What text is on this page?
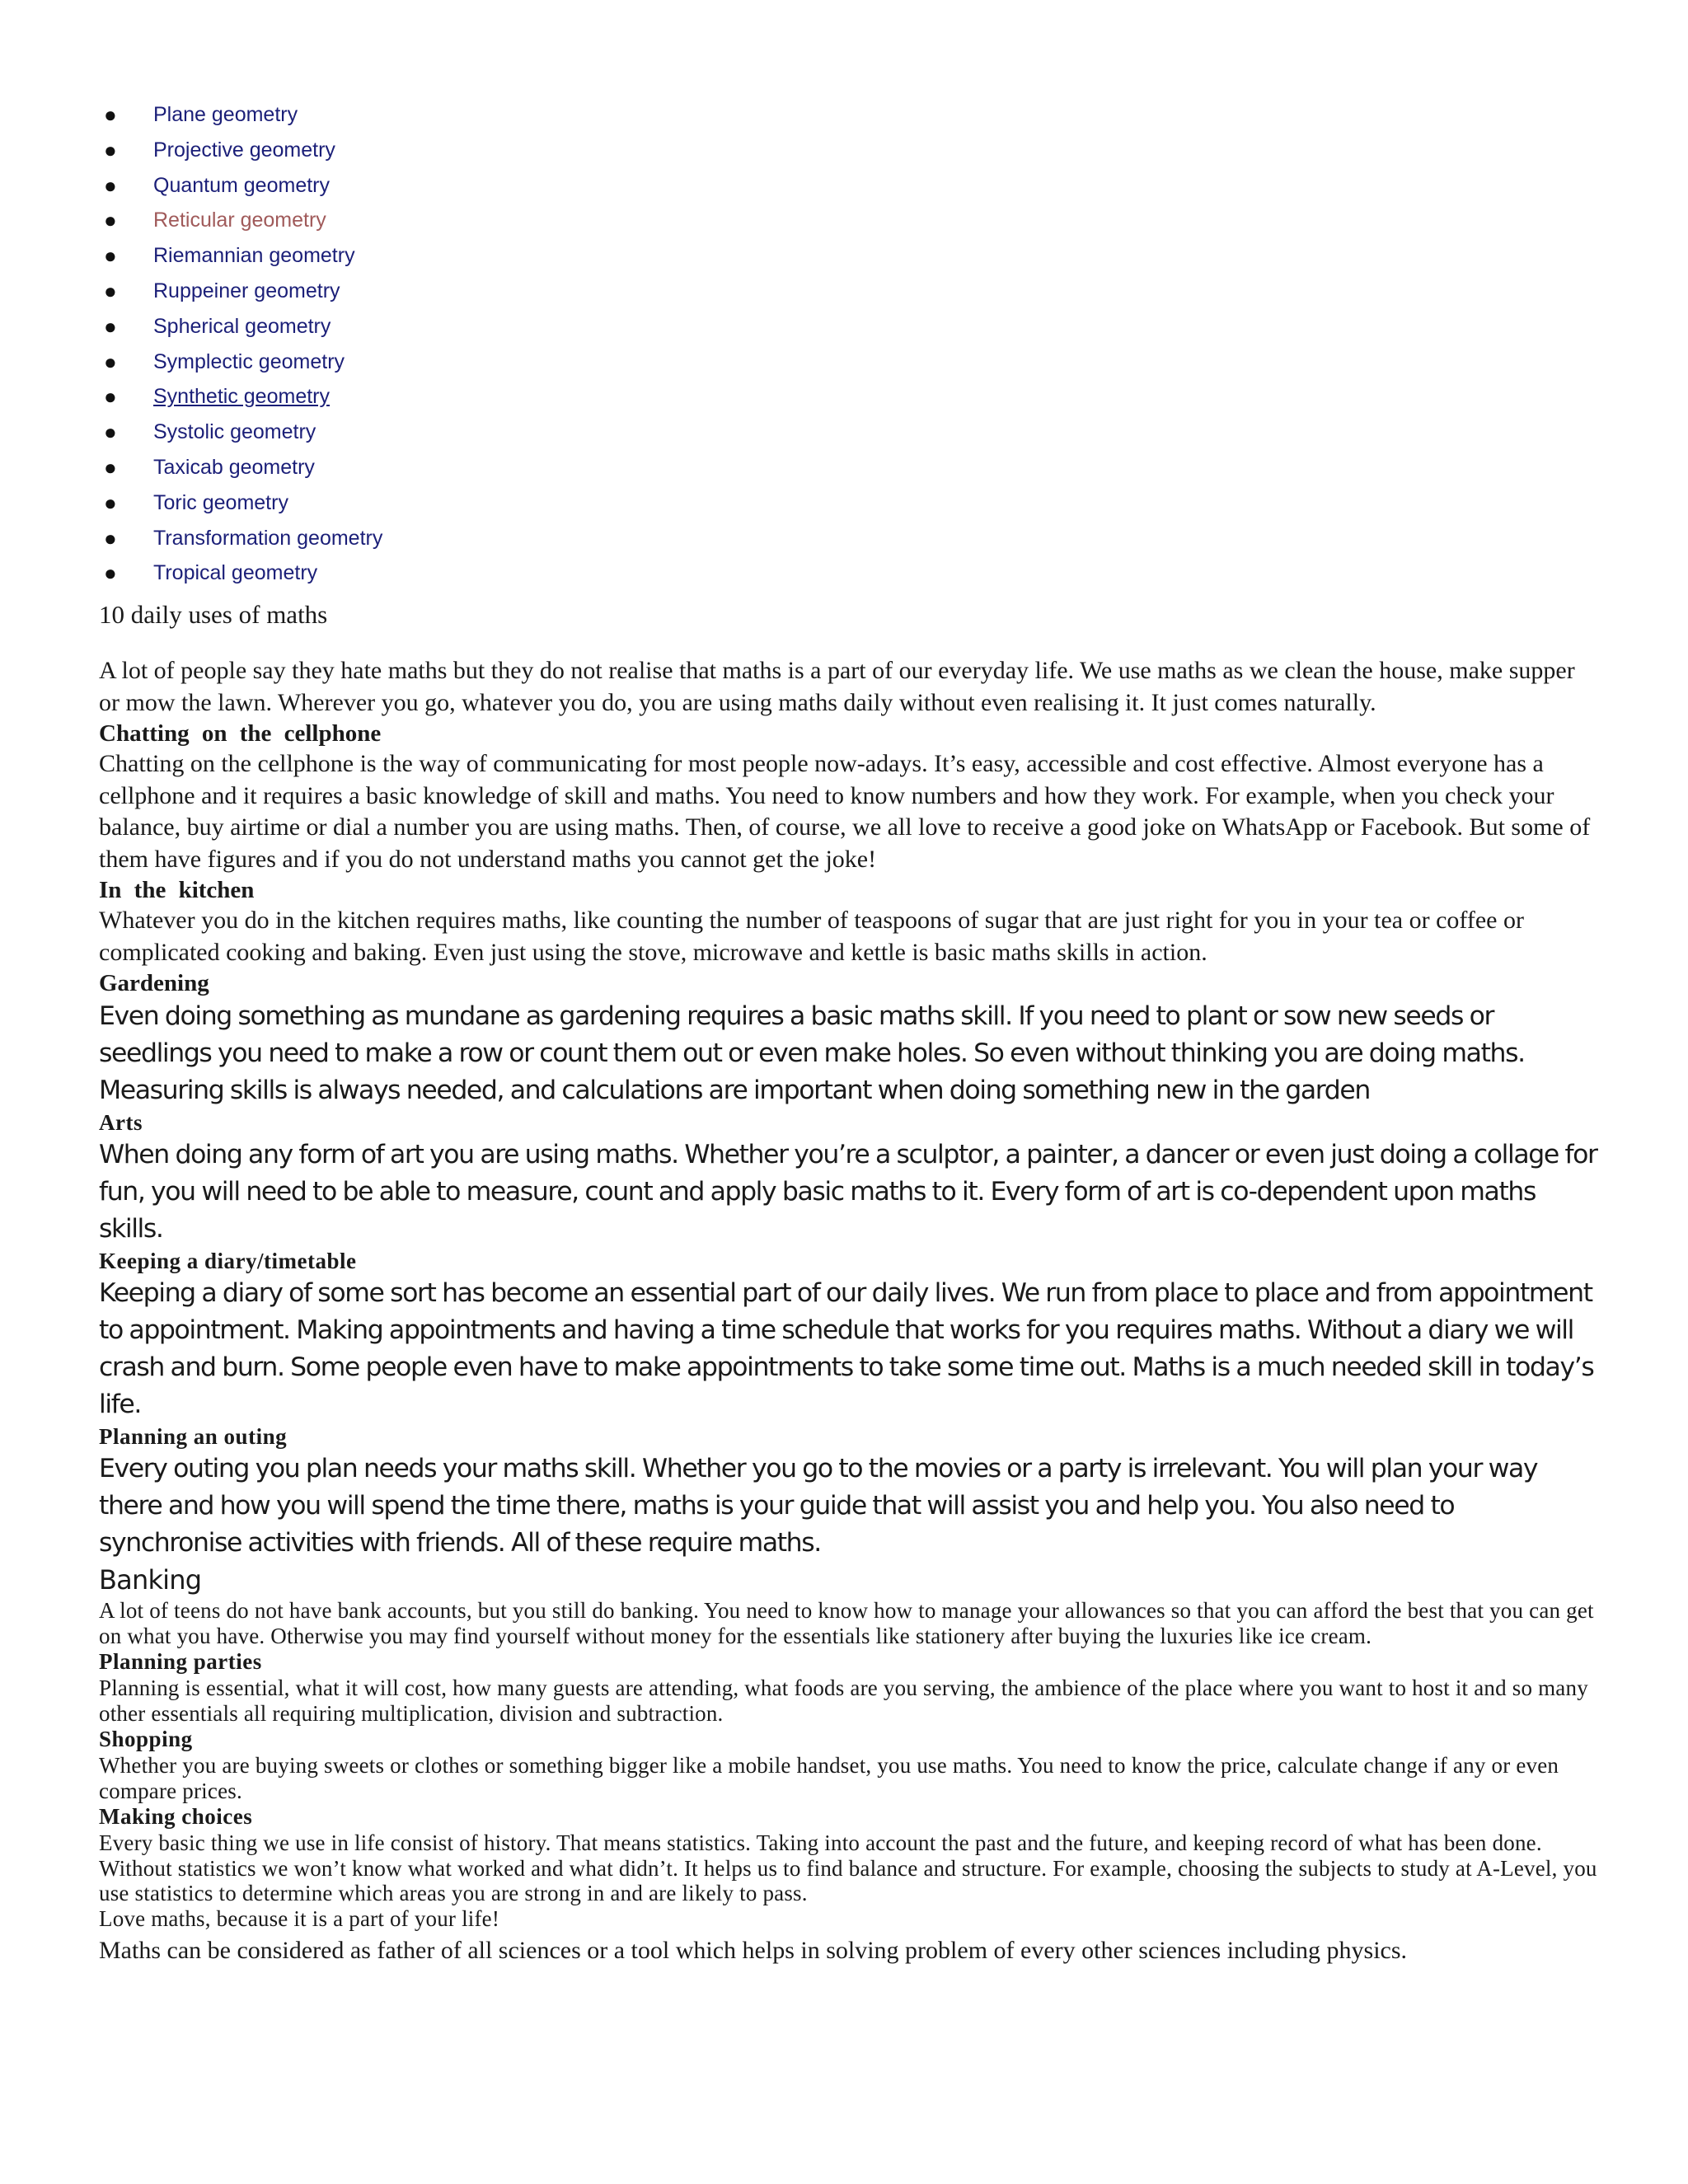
● Plane geometry
● Projective geometry
● Quantum geometry
● Reticular geometry
● Riemannian geometry
● Ruppeiner geometry
● Spherical geometry
● Symplectic geometry
● Synthetic geometry
● Systolic geometry
● Taxicab geometry
● Toric geometry
● Transformation geometry
● Tropical geometry
10 daily uses of maths

A lot of people say they hate maths but they do not realise that maths is a part of our everyday life. We use maths as we clean the house, make supper or mow the lawn. Wherever you go, whatever you do, you are using maths daily without even realising it. It just comes naturally.

Chatting on the cellphone

Chatting on the cellphone is the way of communicating for most people now-adays. It’s easy, accessible and cost effective. Almost everyone has a cellphone and it requires a basic knowledge of skill and maths. You need to know numbers and how they work. For example, when you check your balance, buy airtime or dial a number you are using maths. Then, of course, we all love to receive a good joke on WhatsApp or Facebook. But some of them have figures and if you do not understand maths you cannot get the joke!

In the kitchen

Whatever you do in the kitchen requires maths, like counting the number of teaspoons of sugar that are just right for you in your tea or coffee or complicated cooking and baking. Even just using the stove, microwave and kettle is basic maths skills in action.

Gardening

Even doing something as mundane as gardening requires a basic maths skill. If you need to plant or sow new seeds or seedlings you need to make a row or count them out or even make holes. So even without thinking you are doing maths. Measuring skills is always needed, and calculations are important when doing something new in the garden

Arts

When doing any form of art you are using maths. Whether you’re a sculptor, a painter, a dancer or even just doing a collage for fun, you will need to be able to measure, count and apply basic maths to it. Every form of art is co-dependent upon maths skills.

Keeping a diary/timetable

Keeping a diary of some sort has become an essential part of our daily lives. We run from place to place and from appointment to appointment. Making appointments and having a time schedule that works for you requires maths. Without a diary we will crash and burn. Some people even have to make appointments to take some time out. Maths is a much needed skill in today’s life.

Planning an outing

Every outing you plan needs your maths skill. Whether you go to the movies or a party is irrelevant. You will plan your way there and how you will spend the time there, maths is your guide that will assist you and help you. You also need to synchronise activities with friends. All of these require maths.

Banking

A lot of teens do not have bank accounts, but you still do banking. You need to know how to manage your allowances so that you can afford the best that you can get on what you have. Otherwise you may find yourself without money for the essentials like stationery after buying the luxuries like ice cream.

Planning parties

Planning is essential, what it will cost, how many guests are attending, what foods are you serving, the ambience of the place where you want to host it and so many other essentials all requiring multiplication, division and subtraction.

Shopping

Whether you are buying sweets or clothes or something bigger like a mobile handset, you use maths. You need to know the price, calculate change if any or even compare prices.

Making choices

Every basic thing we use in life consist of history. That means statistics. Taking into account the past and the future, and keeping record of what has been done. Without statistics we won’t know what worked and what didn’t. It helps us to find balance and structure. For example, choosing the subjects to study at A-Level, you use statistics to determine which areas you are strong in and are likely to pass.

Love maths, because it is a part of your life!

Maths can be considered as father of all sciences or a tool which helps in solving problem of every other sciences including physics.
